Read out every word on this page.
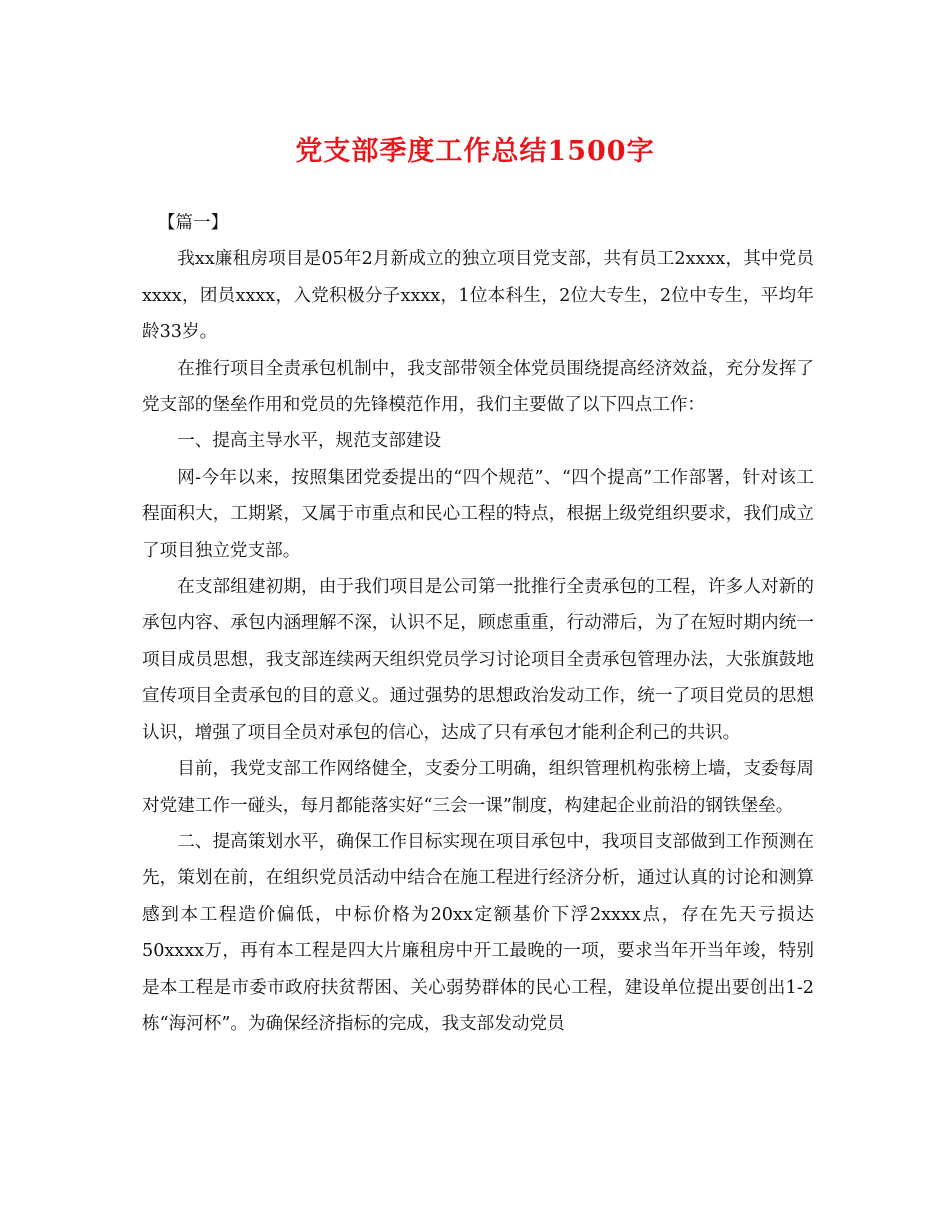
党支部季度工作总结1500字

【篇一】

我xx廉租房项目是05年2月新成立的独立项目党支部，共有员工2xxxx，其中党员xxxx，团员xxxx，入党积极分子xxxx，1位本科生，2位大专生，2位中专生，平均年龄33岁。

在推行项目全责承包机制中，我支部带领全体党员围绕提高经济效益，充分发挥了党支部的堡垒作用和党员的先锋模范作用，我们主要做了以下四点工作：

一、提高主导水平，规范支部建设

网-今年以来，按照集团党委提出的“四个规范”、“四个提高”工作部署，针对该工程面积大，工期紧，又属于市重点和民心工程的特点，根据上级党组织要求，我们成立了项目独立党支部。

在支部组建初期，由于我们项目是公司第一批推行全责承包的工程，许多人对新的承包内容、承包内涵理解不深，认识不足，顾虑重重，行动滞后，为了在短时期内统一项目成员思想，我支部连续两天组织党员学习讨论项目全责承包管理办法，大张旗鼓地宣传项目全责承包的目的意义。通过强势的思想政治发动工作，统一了项目党员的思想认识，增强了项目全员对承包的信心，达成了只有承包才能利企利己的共识。

目前，我党支部工作网络健全，支委分工明确，组织管理机构张榜上墙，支委每周对党建工作一碰头，每月都能落实好“三会一课”制度，构建起企业前沿的钢铁堡垒。

二、提高策划水平，确保工作目标实现在项目承包中，我项目支部做到工作预测在先，策划在前，在组织党员活动中结合在施工程进行经济分析，通过认真的讨论和测算感到本工程造价偏低，中标价格为20xx定额基价下浮2xxxx点，存在先天亏损达50xxxx万，再有本工程是四大片廉租房中开工最晚的一项，要求当年开当年竣，特别是本工程是市委市政府扶贫帮困、关心弱势群体的民心工程，建设单位提出要创出1-2栋“海河杯”。为确保经济指标的完成，我支部发动党员
